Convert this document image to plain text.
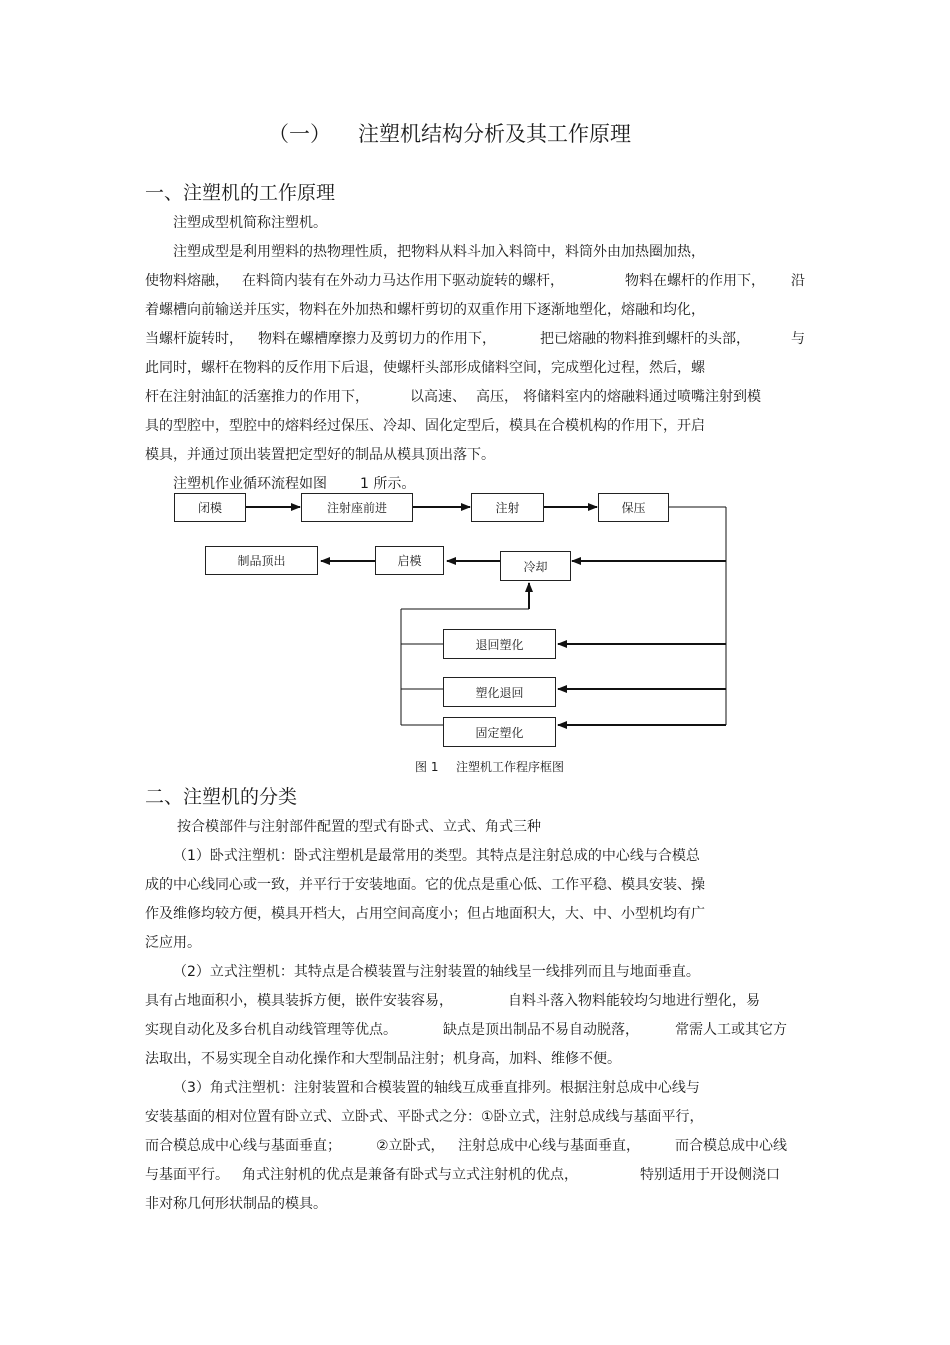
（一） 注塑机结构分析及其工作原理
一、注塑机的工作原理
注塑成型机简称注塑机。
注塑成型是利用塑料的热物理性质，把物料从料斗加入料筒中，料筒外由加热圈加热，
使物料熔融， 在料筒内装有在外动力马达作用下驱动旋转的螺杆，	物料在螺杆的作用下， 沿
着螺槽向前输送并压实，物料在外加热和螺杆剪切的双重作用下逐渐地塑化，熔融和均化，
当螺杆旋转时， 物料在螺槽摩擦力及剪切力的作用下，	把已熔融的物料推到螺杆的头部，	与
此同时，螺杆在物料的反作用下后退，使螺杆头部形成储料空间，完成塑化过程，然后，螺
杆在注射油缸的活塞推力的作用下，	以高速、 高压， 将储料室内的熔融料通过喷嘴注射到模
具的型腔中，型腔中的熔料经过保压、冷却、固化定型后，模具在合模机构的作用下，开启
模具，并通过顶出装置把定型好的制品从模具顶出落下。
注塑机作业循环流程如图 1 所示。
闭模	注射座前进	注射	保压
制品顶出	启模	冷却
退回塑化
塑化退回
固定塑化
图 1 注塑机工作程序框图
二、注塑机的分类
按合模部件与注射部件配置的型式有卧式、立式、角式三种
（1）卧式注塑机：卧式注塑机是最常用的类型。其特点是注射总成的中心线与合模总
成的中心线同心或一致，并平行于安装地面。它的优点是重心低、工作平稳、模具安装、操
作及维修均较方便，模具开档大，占用空间高度小；但占地面积大，大、中、小型机均有广
泛应用。
（2）立式注塑机：其特点是合模装置与注射装置的轴线呈一线排列而且与地面垂直。
具有占地面积小，模具装拆方便，嵌件安装容易，	自料斗落入物料能较均匀地进行塑化，易
实现自动化及多台机自动线管理等优点。	缺点是顶出制品不易自动脱落，	常需人工或其它方
法取出，不易实现全自动化操作和大型制品注射；机身高，加料、维修不便。
（3）角式注塑机：注射装置和合模装置的轴线互成垂直排列。根据注射总成中心线与
安装基面的相对位置有卧立式、立卧式、平卧式之分：①卧立式，注射总成线与基面平行，
而合模总成中心线与基面垂直；	②立卧式， 注射总成中心线与基面垂直，	而合模总成中心线
与基面平行。 角式注射机的优点是兼备有卧式与立式注射机的优点，	特别适用于开设侧浇口
非对称几何形状制品的模具。
